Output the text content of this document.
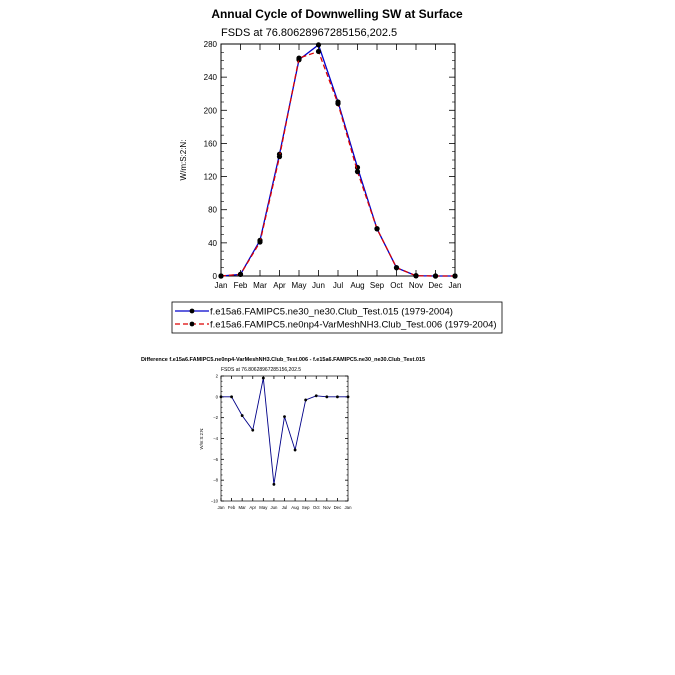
Annual Cycle of Downwelling SW at Surface
FSDS at 76.80628967285156,202.5
0
40
80
120
160
200
240
280
Jan Feb Mar Apr May Jun Jul Aug Sep Oct Nov Dec Jan
W/m:S:2:N:
f.e15a6.FAMIPC5.ne30_ne30.Club_Test.015 (1979-2004)
f.e15a6.FAMIPC5.ne0np4-VarMeshNH3.Club_Test.006 (1979-2004)
Difference f.e15a6.FAMIPC5.ne0np4-VarMeshNH3.Club_Test.006 - f.e15a6.FAMIPC5.ne30_ne30.Club_Test.015
FSDS at 76.80628967285156,202.5
−10
−8
−6
−4
−2
0
2
Jan Feb Mar Apr May Jun Jul Aug Sep Oct Nov Dec Jan
W/m:S:2:N:
